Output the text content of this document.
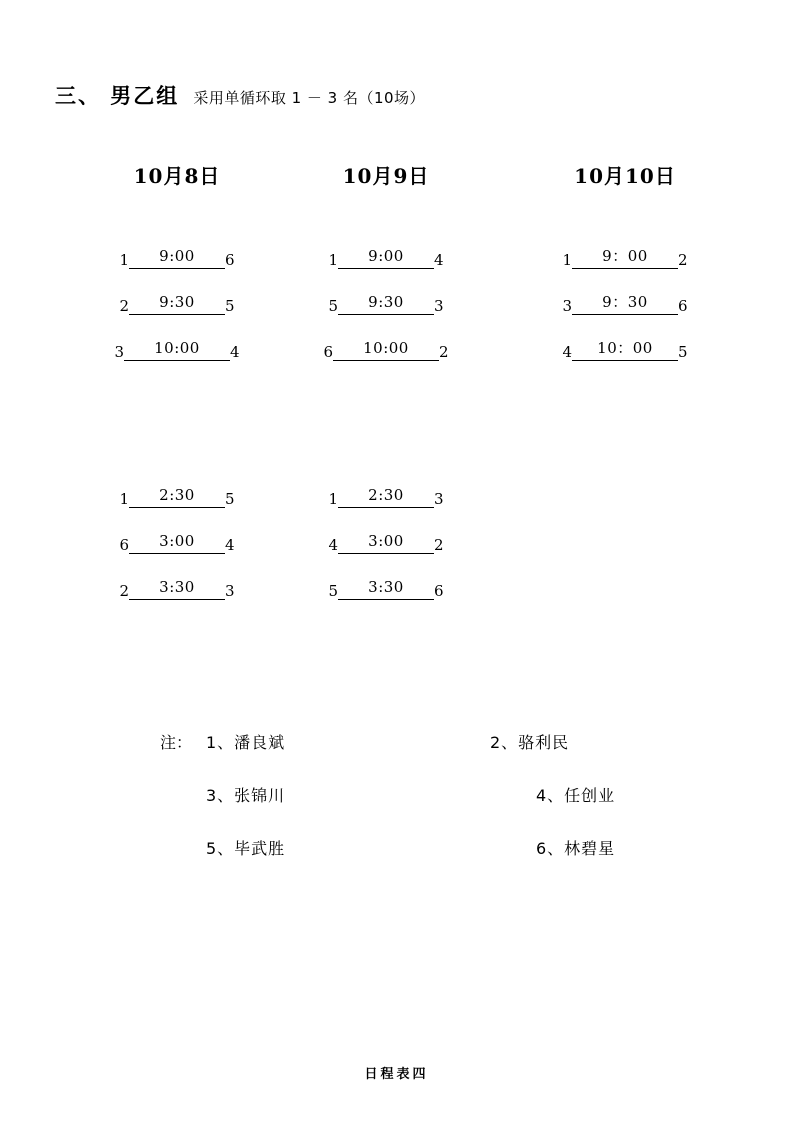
三、 男乙组 采用单循环取 1 － 3 名（10场）
10月8日
1	9:00	6
2	9:30	5
3	10:00	4
1	2:30	5
6	3:00	4
2	3:30	3
10月9日
1	9:00	4
5	9:30	3
6	10:00	2
1	2:30	3
4	3:00	2
5	3:30	6
10月10日
1	9：00	2
3	9：30	6
4	10：00	5
注： 1、潘良斌	2、骆利民
3、张锦川	4、任创业
5、毕武胜	6、林碧星
日程表四
